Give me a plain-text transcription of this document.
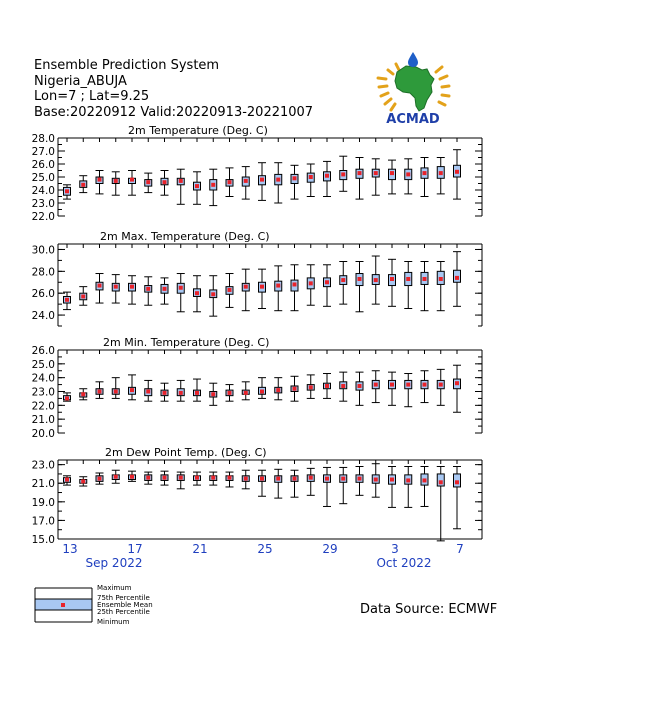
Ensemble Prediction System
Nigeria_ABUJA
Lon=7 ; Lat=9.25
Base:20220912 Valid:20220913-20221007	ACMAD
2m Temperature (Deg. C)
22.0
23.0
24.0
25.0
26.0
27.0
28.0
2m Max. Temperature (Deg. C)
24.0
26.0
28.0
30.0
2m Min. Temperature (Deg. C)
20.0
21.0
22.0
23.0
24.0
25.0
26.0
2m Dew Point Temp. (Deg. C)
15.0
17.0
19.0
21.0
23.0
13	17	21	25	29	3	7
Sep 2022	Oct 2022
Maximum
75th Percentile
Ensemble Mean
25th Percentile
Minimum
Data Source: ECMWF
